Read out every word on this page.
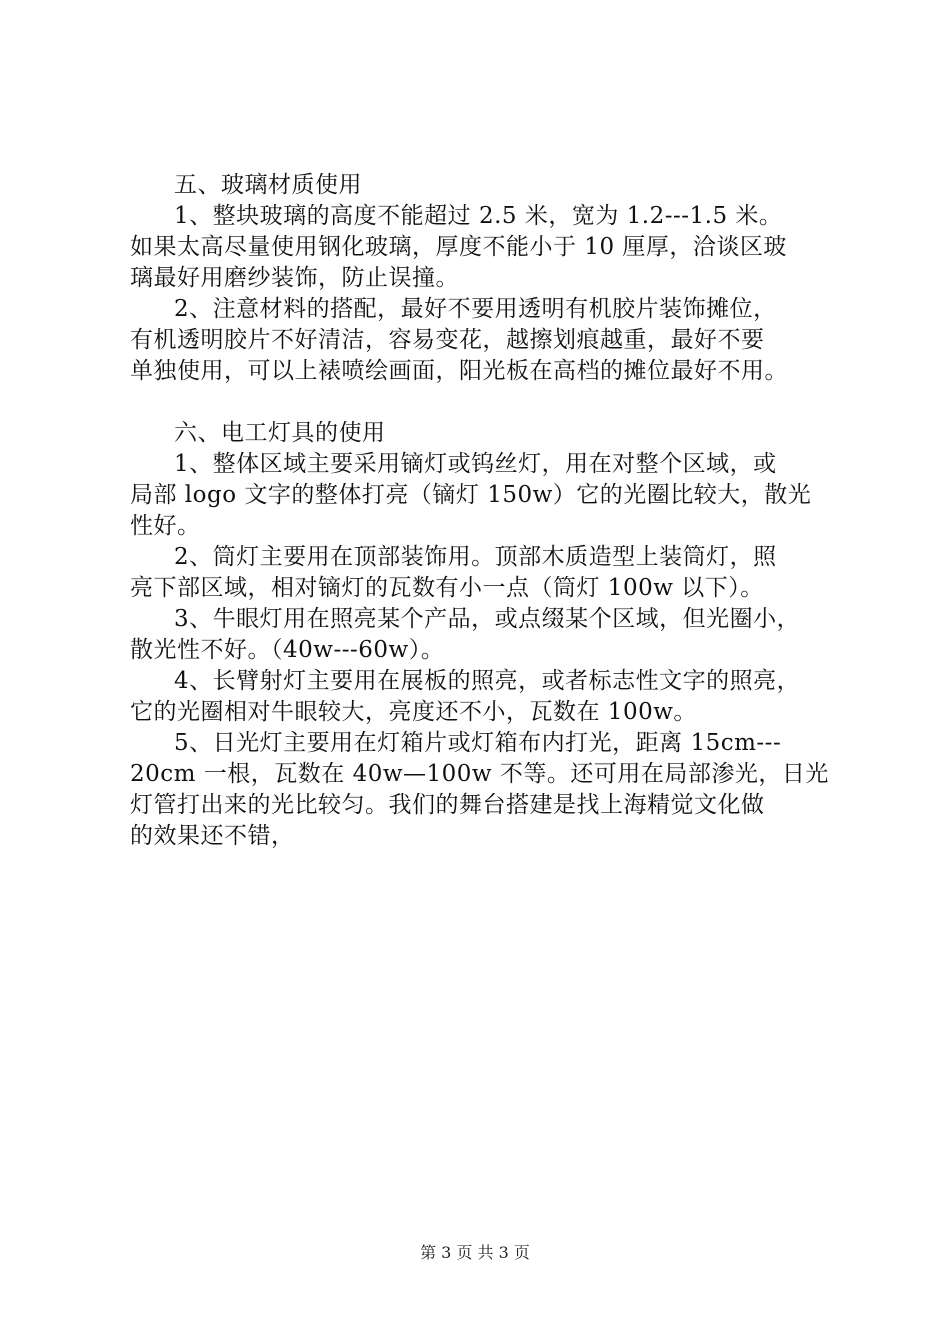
五、玻璃材质使用
1、整块玻璃的高度不能超过 2.5 米，宽为 1.2---1.5 米。
如果太高尽量使用钢化玻璃，厚度不能小于 10 厘厚，洽谈区玻
璃最好用磨纱装饰，防止误撞。
2、注意材料的搭配，最好不要用透明有机胶片装饰摊位，
有机透明胶片不好清洁，容易变花，越擦划痕越重，最好不要
单独使用，可以上裱喷绘画面，阳光板在高档的摊位最好不用。
六、电工灯具的使用
1、整体区域主要采用镝灯或钨丝灯，用在对整个区域，或
局部 logo 文字的整体打亮（镝灯 150w）它的光圈比较大，散光
性好。
2、筒灯主要用在顶部装饰用。顶部木质造型上装筒灯，照
亮下部区域，相对镝灯的瓦数有小一点（筒灯 100w 以下）。
3、牛眼灯用在照亮某个产品，或点缀某个区域，但光圈小，
散光性不好。（40w---60w）。
4、长臂射灯主要用在展板的照亮，或者标志性文字的照亮，
它的光圈相对牛眼较大，亮度还不小，瓦数在 100w。
5、日光灯主要用在灯箱片或灯箱布内打光，距离 15cm---
20cm 一根，瓦数在 40w—100w 不等。还可用在局部渗光，日光
灯管打出来的光比较匀。我们的舞台搭建是找上海精觉文化做
的效果还不错，
第 3 页 共 3 页
